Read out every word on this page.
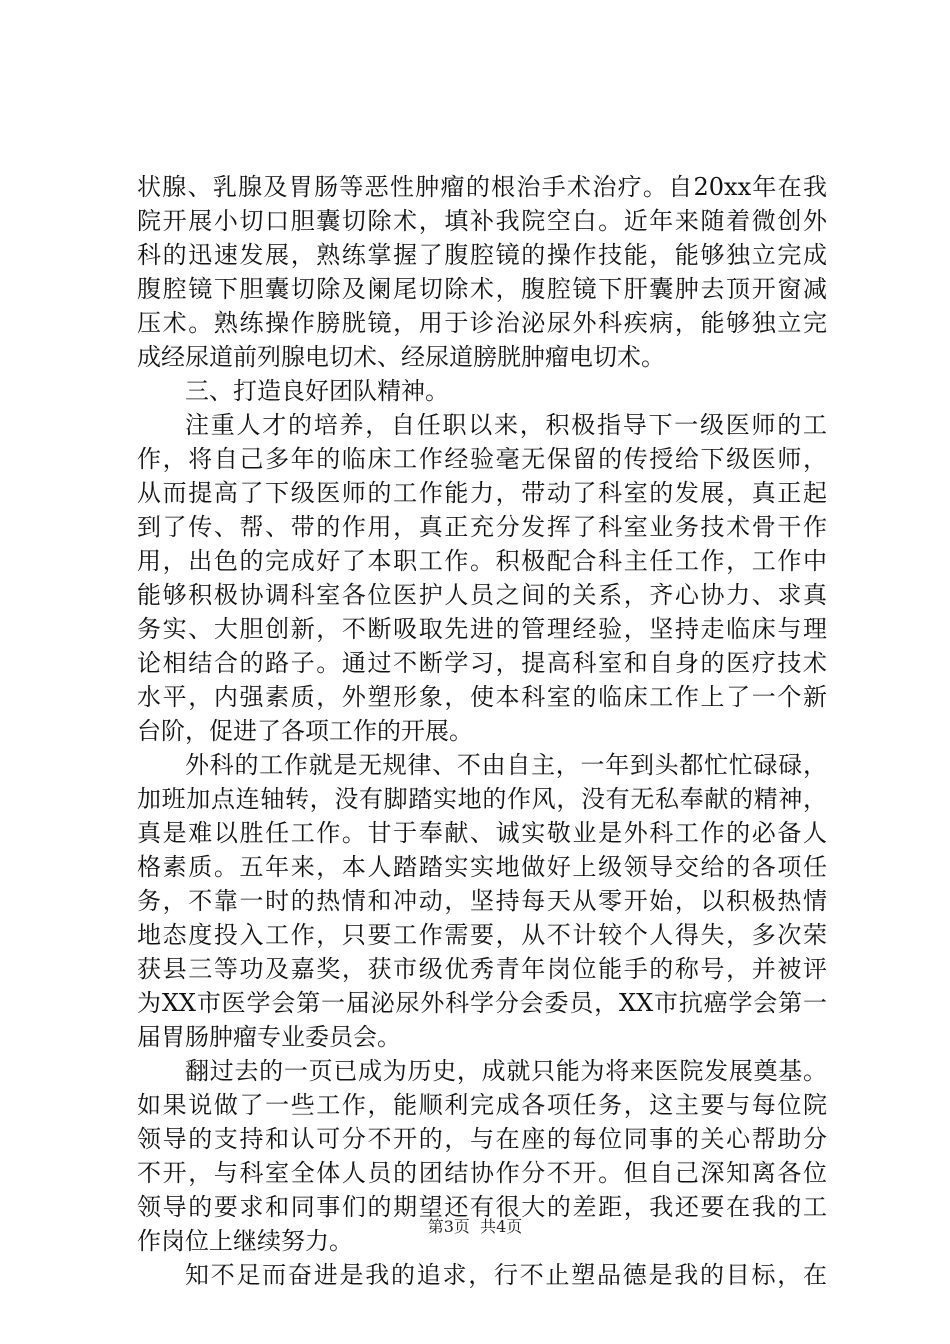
状腺、乳腺及胃肠等恶性肿瘤的根治手术治疗。自20xx年在我
院开展小切口胆囊切除术，填补我院空白。近年来随着微创外
科的迅速发展，熟练掌握了腹腔镜的操作技能，能够独立完成
腹腔镜下胆囊切除及阑尾切除术，腹腔镜下肝囊肿去顶开窗减
压术。熟练操作膀胱镜，用于诊治泌尿外科疾病，能够独立完
成经尿道前列腺电切术、经尿道膀胱肿瘤电切术。
三、打造良好团队精神。
注重人才的培养，自任职以来，积极指导下一级医师的工
作，将自己多年的临床工作经验毫无保留的传授给下级医师，
从而提高了下级医师的工作能力，带动了科室的发展，真正起
到了传、帮、带的作用，真正充分发挥了科室业务技术骨干作
用，出色的完成好了本职工作。积极配合科主任工作，工作中
能够积极协调科室各位医护人员之间的关系，齐心协力、求真
务实、大胆创新，不断吸取先进的管理经验，坚持走临床与理
论相结合的路子。通过不断学习，提高科室和自身的医疗技术
水平，内强素质，外塑形象，使本科室的临床工作上了一个新
台阶，促进了各项工作的开展。
外科的工作就是无规律、不由自主，一年到头都忙忙碌碌，
加班加点连轴转，没有脚踏实地的作风，没有无私奉献的精神，
真是难以胜任工作。甘于奉献、诚实敬业是外科工作的必备人
格素质。五年来，本人踏踏实实地做好上级领导交给的各项任
务，不靠一时的热情和冲动，坚持每天从零开始，以积极热情
地态度投入工作，只要工作需要，从不计较个人得失，多次荣
获县三等功及嘉奖，获市级优秀青年岗位能手的称号，并被评
为XX市医学会第一届泌尿外科学分会委员，XX市抗癌学会第一
届胃肠肿瘤专业委员会。
翻过去的一页已成为历史，成就只能为将来医院发展奠基。
如果说做了一些工作，能顺利完成各项任务，这主要与每位院
领导的支持和认可分不开的，与在座的每位同事的关心帮助分
不开，与科室全体人员的团结协作分不开。但自己深知离各位
领导的要求和同事们的期望还有很大的差距，我还要在我的工
作岗位上继续努力。
知不足而奋进是我的追求，行不止塑品德是我的目标，在
第3页  共4页
